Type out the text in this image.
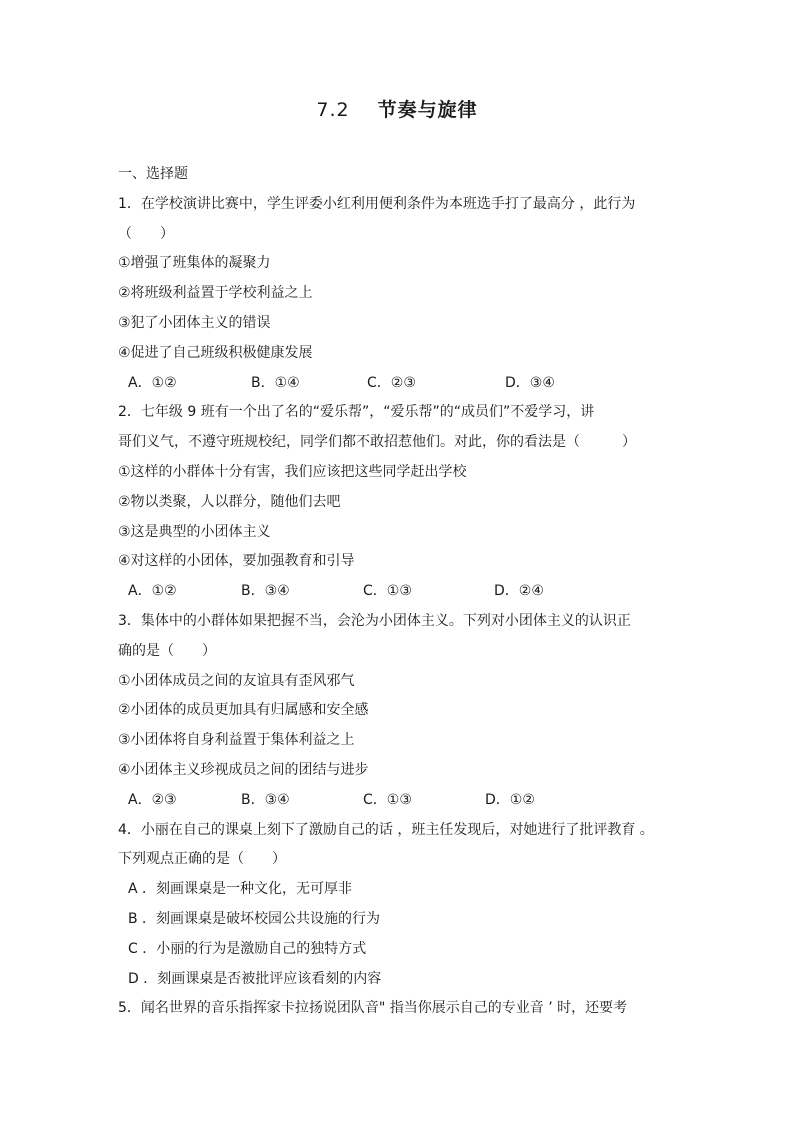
7.2 节奏与旋律
一、选择题
1．在学校演讲比赛中，学生评委小红利用便利条件为本班选手打了最高分 ，此行为
（　　）
①增强了班集体的凝聚力
②将班级利益置于学校利益之上
③犯了小团体主义的错误
④促进了自己班级积极健康发展
A．①②	B．①④	C．②③	D．③④
2．七年级 9 班有一个出了名的“爱乐帮”，“爱乐帮”的“成员们”不爱学习，讲
哥们义气，不遵守班规校纪，同学们都不敢招惹他们。对此，你的看法是（　　　）
①这样的小群体十分有害，我们应该把这些同学赶出学校
②物以类聚，人以群分，随他们去吧
③这是典型的小团体主义
④对这样的小团体，要加强教育和引导
A．①②	B．③④	C．①③	D．②④
3．集体中的小群体如果把握不当，会沦为小团体主义。下列对小团体主义的认识正
确的是（　　）
①小团体成员之间的友谊具有歪风邪气
②小团体的成员更加具有归属感和安全感
③小团体将自身利益置于集体利益之上
④小团体主义珍视成员之间的团结与进步
A．②③	B．③④	C．①③	D．①②
4．小丽在自己的课桌上刻下了激励自己的话 ，班主任发现后，对她进行了批评教育 。
下列观点正确的是（　　）
A ．刻画课桌是一种文化，无可厚非
B ．刻画课桌是破坏校园公共设施的行为
C ．小丽的行为是激励自己的独特方式
D ．刻画课桌是否被批评应该看刻的内容
5．闻名世界的音乐指挥家卡拉扬说团队音" 指当你展示自己的专业音 ’ 时，还要考
